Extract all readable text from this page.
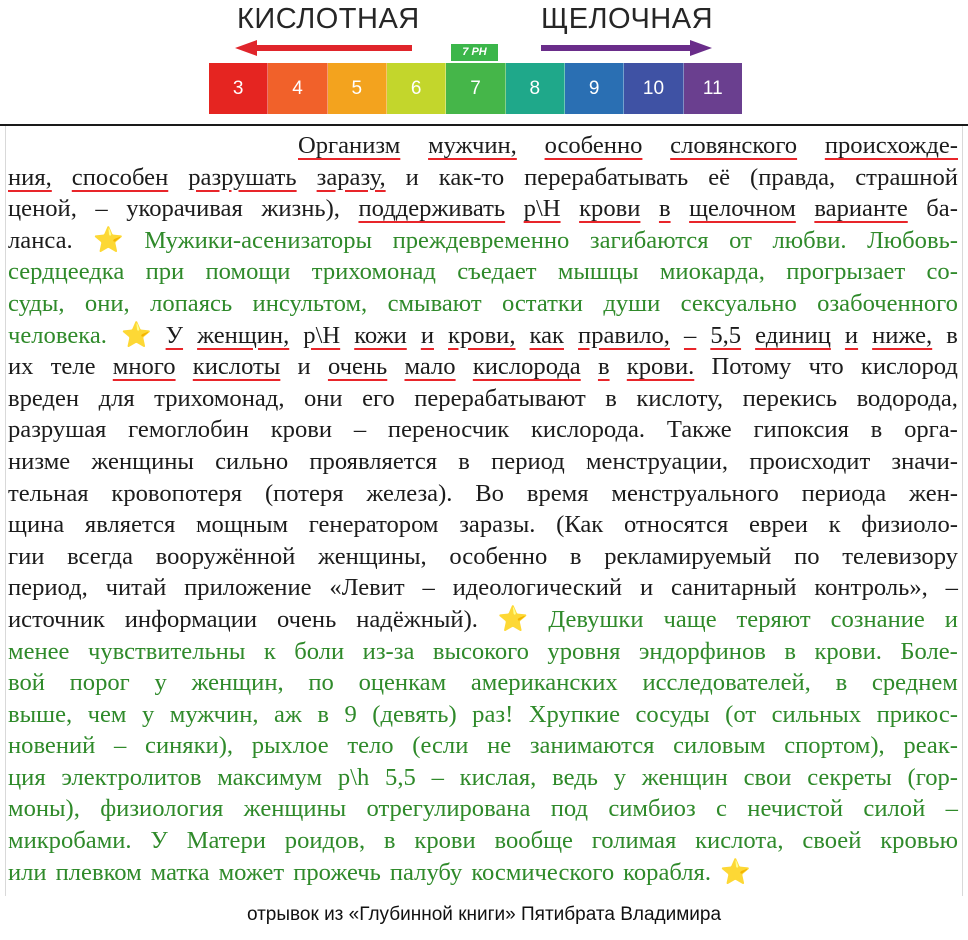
КИСЛОТНАЯ	ЩЕЛОЧНАЯ
7 PH
3	4	5	6	7	8	9	10	11
Организм мужчин, особенно словянского происхожде-
ния, способен разрушать заразу, и как-то перерабатывать её (правда, страшной
ценой, – укорачивая жизнь), поддерживать р\Н крови в щелочном варианте ба-
ланса. ⭐ Мужики-асенизаторы преждевременно загибаются от любви. Любовь-
сердцеедка при помощи трихомонад съедает мышцы миокарда, прогрызает со-
суды, они, лопаясь инсультом, смывают остатки души сексуально озабоченного
человека. ⭐ У женщин, р\Н кожи и крови, как правило, – 5,5 единиц и ниже, в
их теле много кислоты и очень мало кислорода в крови. Потому что кислород
вреден для трихомонад, они его перерабатывают в кислоту, перекись водорода,
разрушая гемоглобин крови – переносчик кислорода. Также гипоксия в орга-
низме женщины сильно проявляется в период менструации, происходит значи-
тельная кровопотеря (потеря железа). Во время менструального периода жен-
щина является мощным генератором заразы. (Как относятся евреи к физиоло-
гии всегда вооружённой женщины, особенно в рекламируемый по телевизору
период, читай приложение «Левит – идеологический и санитарный контроль», –
источник информации очень надёжный). ⭐ Девушки чаще теряют сознание и
менее чувствительны к боли из-за высокого уровня эндорфинов в крови. Боле-
вой порог у женщин, по оценкам американских исследователей, в среднем
выше, чем у мужчин, аж в 9 (девять) раз! Хрупкие сосуды (от сильных прикос-
новений – синяки), рыхлое тело (если не занимаются силовым спортом), реак-
ция электролитов максимум р\h 5,5 – кислая, ведь у женщин свои секреты (гор-
моны), физиология женщины отрегулирована под симбиоз с нечистой силой –
микробами. У Матери роидов, в крови вообще голимая кислота, своей кровью
или плевком матка может прожечь палубу космического корабля. ⭐
отрывок из «Глубинной книги» Пятибрата Владимира
